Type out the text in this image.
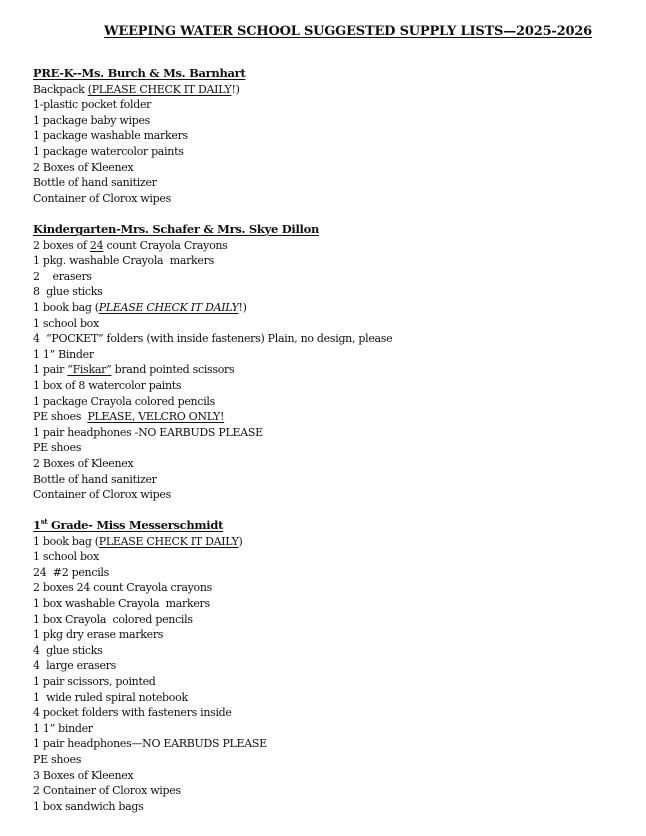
WEEPING WATER SCHOOL SUGGESTED SUPPLY LISTS—2025-2026
PRE-K--Ms. Burch & Ms. Barnhart
Backpack (PLEASE CHECK IT DAILY!)
1-plastic pocket folder
1 package baby wipes
1 package washable markers
1 package watercolor paints
2 Boxes of Kleenex
Bottle of hand sanitizer
Container of Clorox wipes
Kindergarten-Mrs. Schafer & Mrs. Skye Dillon
2 boxes of 24 count Crayola Crayons
1 pkg. washable Crayola  markers
2    erasers
8  glue sticks
1 book bag (PLEASE CHECK IT DAILY!)
1 school box
4  “POCKET” folders (with inside fasteners) Plain, no design, please
1 1” Binder
1 pair “Fiskar” brand pointed scissors
1 box of 8 watercolor paints
1 package Crayola colored pencils
PE shoes  PLEASE, VELCRO ONLY!
1 pair headphones -NO EARBUDS PLEASE
PE shoes
2 Boxes of Kleenex
Bottle of hand sanitizer
Container of Clorox wipes
1st Grade- Miss Messerschmidt
1 book bag (PLEASE CHECK IT DAILY)
1 school box
24  #2 pencils
2 boxes 24 count Crayola crayons
1 box washable Crayola  markers
1 box Crayola  colored pencils
1 pkg dry erase markers
4  glue sticks
4  large erasers
1 pair scissors, pointed
1  wide ruled spiral notebook
4 pocket folders with fasteners inside
1 1” binder
1 pair headphones—NO EARBUDS PLEASE
PE shoes
3 Boxes of Kleenex
2 Container of Clorox wipes
1 box sandwich bags
